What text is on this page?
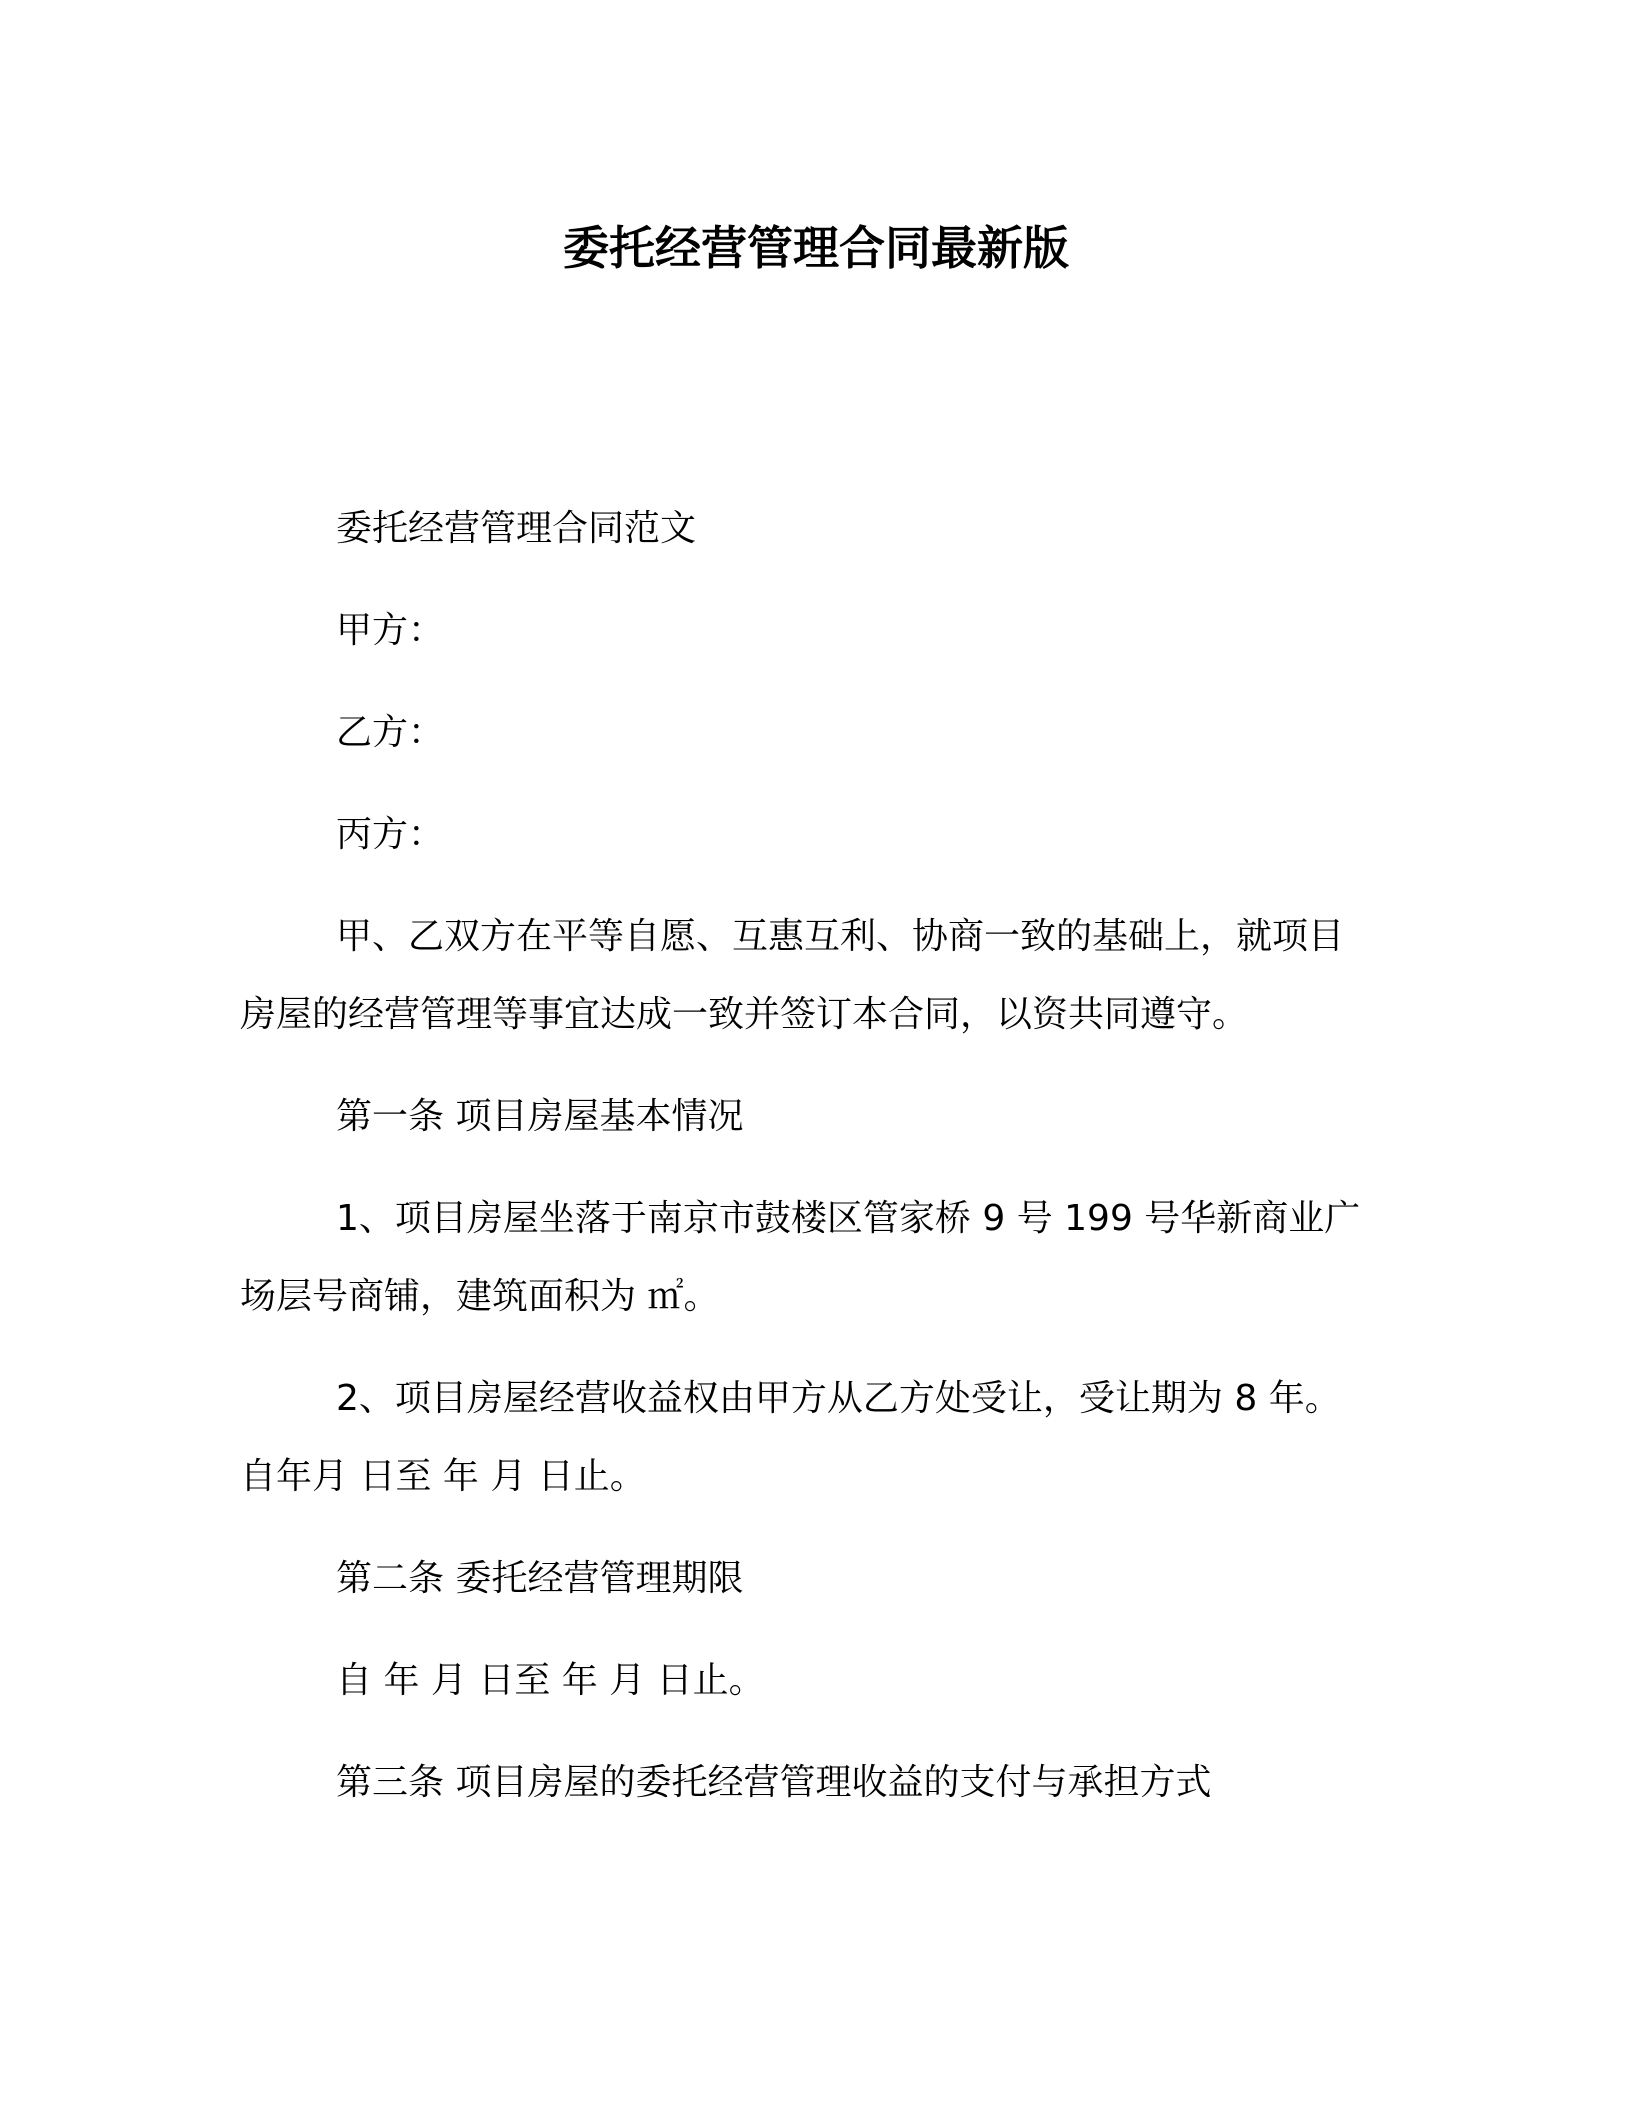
委托经营管理合同最新版

委托经营管理合同范文

甲方：

乙方：

丙方：

甲、乙双方在平等自愿、互惠互利、协商一致的基础上，就项目

房屋的经营管理等事宜达成一致并签订本合同，以资共同遵守。

第一条 项目房屋基本情况

1、项目房屋坐落于南京市鼓楼区管家桥 9 号 199 号华新商业广

场层号商铺，建筑面积为 ㎡。

2、项目房屋经营收益权由甲方从乙方处受让，受让期为 8 年。

自年月 日至 年 月 日止。

第二条 委托经营管理期限

自 年 月 日至 年 月 日止。

第三条 项目房屋的委托经营管理收益的支付与承担方式
